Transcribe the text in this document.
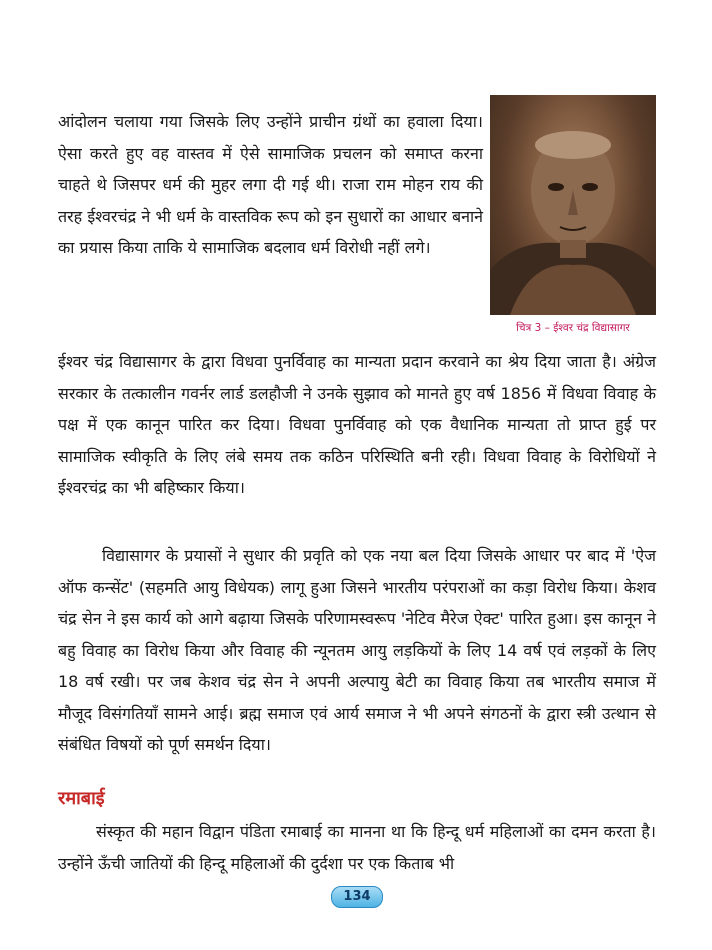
आंदोलन चलाया गया जिसके लिए उन्होंने प्राचीन ग्रंथों का हवाला दिया। ऐसा करते हुए वह वास्तव में ऐसे सामाजिक प्रचलन को समाप्त करना चाहते थे जिसपर धर्म की मुहर लगा दी गई थी। राजा राम मोहन राय की तरह ईश्वरचंद्र ने भी धर्म के वास्तविक रूप को इन सुधारों का आधार बनाने का प्रयास किया ताकि ये सामाजिक बदलाव धर्म विरोधी नहीं लगे।

चित्र 3 – ईश्वर चंद्र विद्यासागर

ईश्वर चंद्र विद्यासागर के द्वारा विधवा पुनर्विवाह का मान्यता प्रदान करवाने का श्रेय दिया जाता है। अंग्रेज सरकार के तत्कालीन गवर्नर लार्ड डलहौजी ने उनके सुझाव को मानते हुए वर्ष 1856 में विधवा विवाह के पक्ष में एक कानून पारित कर दिया। विधवा पुनर्विवाह को एक वैधानिक मान्यता तो प्राप्त हुई पर सामाजिक स्वीकृति के लिए लंबे समय तक कठिन परिस्थिति बनी रही। विधवा विवाह के विरोधियों ने ईश्वरचंद्र का भी बहिष्कार किया।

विद्यासागर के प्रयासों ने सुधार की प्रवृति को एक नया बल दिया जिसके आधार पर बाद में 'ऐज ऑफ कन्सेंट' (सहमति आयु विधेयक) लागू हुआ जिसने भारतीय परंपराओं का कड़ा विरोध किया। केशव चंद्र सेन ने इस कार्य को आगे बढ़ाया जिसके परिणामस्वरूप 'नेटिव मैरेज ऐक्ट' पारित हुआ। इस कानून ने बहु विवाह का विरोध किया और विवाह की न्यूनतम आयु लड़कियों के लिए 14 वर्ष एवं लड़कों के लिए 18 वर्ष रखी। पर जब केशव चंद्र सेन ने अपनी अल्पायु बेटी का विवाह किया तब भारतीय समाज में मौजूद विसंगतियाँ सामने आई। ब्रह्म समाज एवं आर्य समाज ने भी अपने संगठनों के द्वारा स्त्री उत्थान से संबंधित विषयों को पूर्ण समर्थन दिया।

रमाबाई

संस्कृत की महान विद्वान पंडिता रमाबाई का मानना था कि हिन्दू धर्म महिलाओं का दमन करता है। उन्होंने ऊँची जातियों की हिन्दू महिलाओं की दुर्दशा पर एक किताब भी

134
